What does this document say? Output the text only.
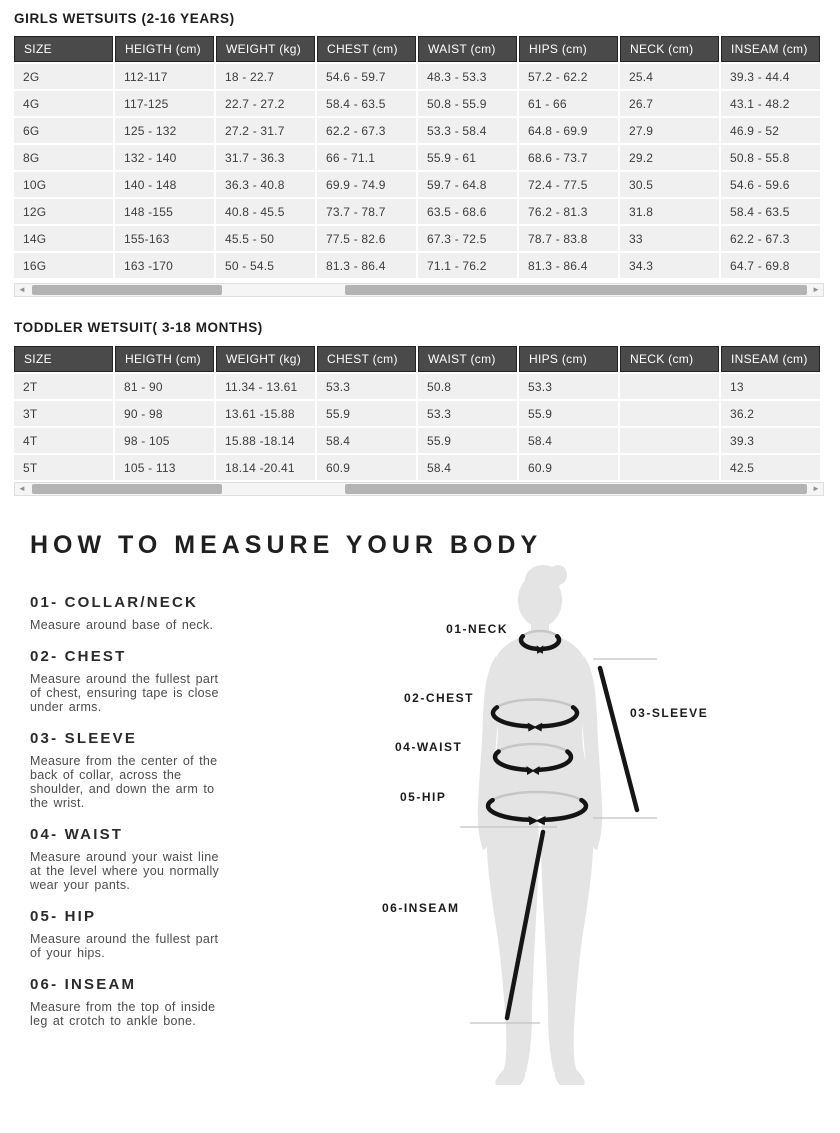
GIRLS WETSUITS (2-16 YEARS)
SIZE	HEIGTH (cm)	WEIGHT (kg)	CHEST (cm)	WAIST (cm)	HIPS (cm)	NECK (cm)	INSEAM (cm)
2G	112-117	18 - 22.7	54.6 - 59.7	48.3 - 53.3	57.2 - 62.2	25.4	39.3 - 44.4
4G	117-125	22.7 - 27.2	58.4 - 63.5	50.8 - 55.9	61 - 66	26.7	43.1 - 48.2
6G	125 - 132	27.2 - 31.7	62.2 - 67.3	53.3 - 58.4	64.8 - 69.9	27.9	46.9 - 52
8G	132 - 140	31.7 - 36.3	66 - 71.1	55.9 - 61	68.6 - 73.7	29.2	50.8 - 55.8
10G	140 - 148	36.3 - 40.8	69.9 - 74.9	59.7 - 64.8	72.4 - 77.5	30.5	54.6 - 59.6
12G	148 -155	40.8 - 45.5	73.7 - 78.7	63.5 - 68.6	76.2 - 81.3	31.8	58.4 - 63.5
14G	155-163	45.5 - 50	77.5 - 82.6	67.3 - 72.5	78.7 - 83.8	33	62.2 - 67.3
16G	163 -170	50 - 54.5	81.3 - 86.4	71.1 - 76.2	81.3 - 86.4	34.3	64.7 - 69.8
◄	►
TODDLER WETSUIT( 3-18 MONTHS)
SIZE	HEIGTH (cm)	WEIGHT (kg)	CHEST (cm)	WAIST (cm)	HIPS (cm)	NECK (cm)	INSEAM (cm)
2T	81 - 90	11.34 - 13.61	53.3	50.8	53.3		13
3T	90 - 98	13.61 -15.88	55.9	53.3	55.9		36.2
4T	98 - 105	15.88 -18.14	58.4	55.9	58.4		39.3
5T	105 - 113	18.14 -20.41	60.9	58.4	60.9		42.5
◄	►
HOW TO MEASURE YOUR BODY
01- COLLAR/NECK

Measure around base of neck.

02- CHEST

Measure around the fullest part of chest, ensuring tape is close under arms.

03- SLEEVE

Measure from the center of the back of collar, across the shoulder, and down the arm to the wrist.

04- WAIST

Measure around your waist line at the level where you normally wear your pants.

05- HIP

Measure around the fullest part of your hips.

06- INSEAM

Measure from the top of inside leg at crotch to ankle bone.

01-NECK
02-CHEST
03-SLEEVE
04-WAIST
05-HIP
06-INSEAM
